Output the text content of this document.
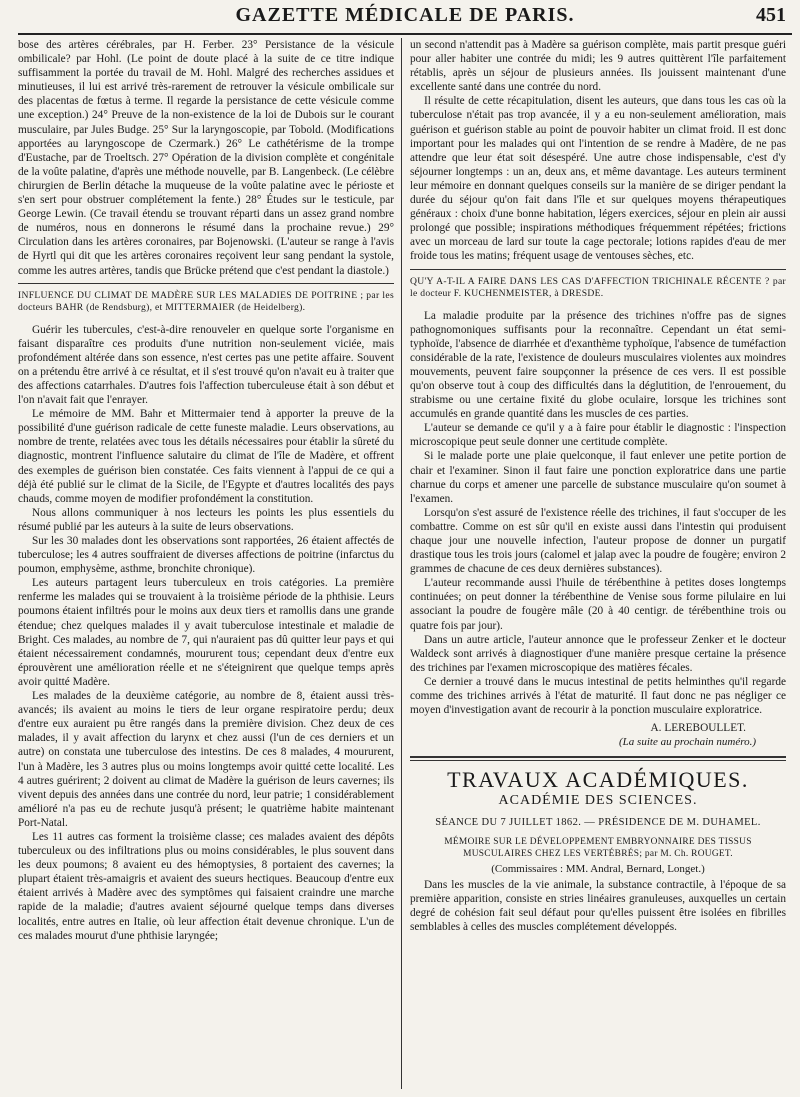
GAZETTE MÉDICALE DE PARIS.	451

bose des artères cérébrales, par H. Ferber. 23° Persistance de la vésicule ombilicale? par Hohl. (Le point de doute placé à la suite de ce titre indique suffisamment la portée du travail de M. Hohl. Malgré des recherches assidues et minutieuses, il lui est arrivé très-rarement de retrouver la vésicule ombilicale sur des placentas de fœtus à terme. Il regarde la persistance de cette vésicule comme une exception.) 24° Preuve de la non-existence de la loi de Dubois sur le courant musculaire, par Jules Budge. 25° Sur la laryngoscopie, par Tobold. (Modifications apportées au laryngoscope de Czermark.) 26° Le cathétérisme de la trompe d'Eustache, par de Troeltsch. 27° Opération de la division complète et congénitale de la voûte palatine, d'après une méthode nouvelle, par B. Langenbeck. (Le célèbre chirurgien de Berlin détache la muqueuse de la voûte palatine avec le périoste et s'en sert pour obstruer complétement la fente.) 28° Études sur le testicule, par George Lewin. (Ce travail étendu se trouvant réparti dans un assez grand nombre de numéros, nous en donnerons le résumé dans la prochaine revue.) 29° Circulation dans les artères coronaires, par Bojenowski. (L'auteur se range à l'avis de Hyrtl qui dit que les artères coronaires reçoivent leur sang pendant la systole, comme les autres artères, tandis que Brücke prétend que c'est pendant la diastole.)

INFLUENCE DU CLIMAT DE MADÈRE SUR LES MALADIES DE POITRINE ; par les docteurs BAHR (de Rendsburg), et MITTERMAIER (de Heidelberg).

Guérir les tubercules, c'est-à-dire renouveler en quelque sorte l'organisme en faisant disparaître ces produits d'une nutrition non-seulement viciée, mais profondément altérée dans son essence, n'est certes pas une petite affaire. Souvent on a prétendu être arrivé à ce résultat, et il s'est trouvé qu'on n'avait eu à traiter que des affections catarrhales. D'autres fois l'affection tuberculeuse était à son début et l'on n'avait fait que l'enrayer.

Le mémoire de MM. Bahr et Mittermaier tend à apporter la preuve de la possibilité d'une guérison radicale de cette funeste maladie. Leurs observations, au nombre de trente, relatées avec tous les détails nécessaires pour établir la sûreté du diagnostic, montrent l'influence salutaire du climat de l'île de Madère, et offrent des exemples de guérison bien constatée. Ces faits viennent à l'appui de ce qui a déjà été publié sur le climat de la Sicile, de l'Egypte et d'autres localités des pays chauds, comme moyen de modifier profondément la constitution.

Nous allons communiquer à nos lecteurs les points les plus essentiels du résumé publié par les auteurs à la suite de leurs observations.

Sur les 30 malades dont les observations sont rapportées, 26 étaient affectés de tuberculose; les 4 autres souffraient de diverses affections de poitrine (infarctus du poumon, emphysème, asthme, bronchite chronique).

Les auteurs partagent leurs tuberculeux en trois catégories. La première renferme les malades qui se trouvaient à la troisième période de la phthisie. Leurs poumons étaient infiltrés pour le moins aux deux tiers et ramollis dans une grande étendue; chez quelques malades il y avait tuberculose intestinale et maladie de Bright. Ces malades, au nombre de 7, qui n'auraient pas dû quitter leur pays et qui étaient nécessairement condamnés, moururent tous; cependant deux d'entre eux éprouvèrent une amélioration réelle et ne s'éteignirent que quelque temps après avoir quitté Madère.

Les malades de la deuxième catégorie, au nombre de 8, étaient aussi très-avancés; ils avaient au moins le tiers de leur organe respiratoire perdu; deux d'entre eux auraient pu être rangés dans la première division. Chez deux de ces malades, il y avait affection du larynx et chez aussi (l'un de ces derniers et un autre) on constata une tuberculose des intestins. De ces 8 malades, 4 moururent, l'un à Madère, les 3 autres plus ou moins longtemps avoir quitté cette localité. Les 4 autres guérirent; 2 doivent au climat de Madère la guérison de leurs cavernes; ils vivent depuis des années dans une contrée du nord, leur patrie; 1 considérablement amélioré n'a pas eu de rechute jusqu'à présent; le quatrième habite maintenant Port-Natal.

Les 11 autres cas forment la troisième classe; ces malades avaient des dépôts tuberculeux ou des infiltrations plus ou moins considérables, le plus souvent dans les deux poumons; 8 avaient eu des hémoptysies, 8 portaient des cavernes; la plupart étaient très-amaigris et avaient des sueurs hectiques. Beaucoup d'entre eux étaient arrivés à Madère avec des symptômes qui faisaient craindre une marche rapide de la maladie; d'autres avaient séjourné quelque temps dans diverses localités, entre autres en Italie, où leur affection était devenue chronique. L'un de ces malades mourut d'une phthisie laryngée;

un second n'attendit pas à Madère sa guérison complète, mais partit presque guéri pour aller habiter une contrée du midi; les 9 autres quittèrent l'île parfaitement rétablis, après un séjour de plusieurs années. Ils jouissent maintenant d'une excellente santé dans une contrée du nord.

Il résulte de cette récapitulation, disent les auteurs, que dans tous les cas où la tuberculose n'était pas trop avancée, il y a eu non-seulement amélioration, mais guérison et guérison stable au point de pouvoir habiter un climat froid. Il est donc important pour les malades qui ont l'intention de se rendre à Madère, de ne pas attendre que leur état soit désespéré. Une autre chose indispensable, c'est d'y séjourner longtemps : un an, deux ans, et même davantage. Les auteurs terminent leur mémoire en donnant quelques conseils sur la manière de se diriger pendant la durée du séjour qu'on fait dans l'île et sur quelques moyens thérapeutiques généraux : choix d'une bonne habitation, légers exercices, séjour en plein air aussi prolongé que possible; inspirations méthodiques fréquemment répétées; frictions avec un morceau de lard sur toute la cage pectorale; lotions rapides d'eau de mer froide tous les matins; fréquent usage de ventouses sèches, etc.

QU'Y A-T-IL A FAIRE DANS LES CAS D'AFFECTION TRICHINALE RÉCENTE ? par le docteur F. KUCHENMEISTER, à DRESDE.

La maladie produite par la présence des trichines n'offre pas de signes pathognomoniques suffisants pour la reconnaître. Cependant un état semi-typhoïde, l'absence de diarrhée et d'exanthème typhoïque, l'absence de tuméfaction considérable de la rate, l'existence de douleurs musculaires violentes aux moindres mouvements, peuvent faire soupçonner la présence de ces vers. Il est possible qu'on observe tout à coup des difficultés dans la déglutition, de l'enrouement, du strabisme ou une certaine fixité du globe oculaire, lorsque les trichines sont accumulés en grande quantité dans les muscles de ces parties.

L'auteur se demande ce qu'il y a à faire pour établir le diagnostic : l'inspection microscopique peut seule donner une certitude complète.

Si le malade porte une plaie quelconque, il faut enlever une petite portion de chair et l'examiner. Sinon il faut faire une ponction exploratrice dans une partie charnue du corps et amener une parcelle de substance musculaire qu'on soumet à l'examen.

Lorsqu'on s'est assuré de l'existence réelle des trichines, il faut s'occuper de les combattre. Comme on est sûr qu'il en existe aussi dans l'intestin qui produisent chaque jour une nouvelle infection, l'auteur propose de donner un purgatif drastique tous les trois jours (calomel et jalap avec la poudre de fougère; environ 2 grammes de chacune de ces deux dernières substances).

L'auteur recommande aussi l'huile de térébenthine à petites doses longtemps continuées; on peut donner la térébenthine de Venise sous forme pilulaire en lui associant la poudre de fougère mâle (20 à 40 centigr. de térébenthine trois ou quatre fois par jour).

Dans un autre article, l'auteur annonce que le professeur Zenker et le docteur Waldeck sont arrivés à diagnostiquer d'une manière presque certaine la présence des trichines par l'examen microscopique des matières fécales.

Ce dernier a trouvé dans le mucus intestinal de petits helminthes qu'il regarde comme des trichines arrivés à l'état de maturité. Il faut donc ne pas négliger ce moyen d'investigation avant de recourir à la ponction musculaire exploratrice.

A. LEREBOULLET.
(La suite au prochain numéro.)
TRAVAUX ACADÉMIQUES.
ACADÉMIE DES SCIENCES.
SÉANCE DU 7 JUILLET 1862. — PRÉSIDENCE DE M. DUHAMEL.
MÉMOIRE SUR LE DÉVELOPPEMENT EMBRYONNAIRE DES TISSUS MUSCULAIRES CHEZ LES VERTÉBRÉS; par M. Ch. ROUGET.
(Commissaires : MM. Andral, Bernard, Longet.)

Dans les muscles de la vie animale, la substance contractile, à l'époque de sa première apparition, consiste en stries linéaires granuleuses, auxquelles un certain degré de cohésion fait seul défaut pour qu'elles puissent être isolées en fibrilles semblables à celles des muscles complétement développés.
